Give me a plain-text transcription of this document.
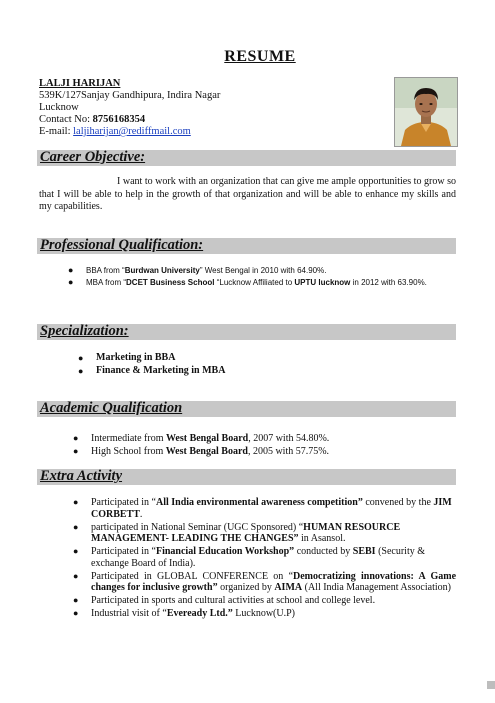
RESUME
LALJI HARIJAN
539K/127Sanjay Gandhipura, Indira Nagar
Lucknow
Contact No: 8756168354
E-mail: laljiharijan@rediffmail.com
Career Objective:
I want to work with an organization that can give me ample opportunities to grow so that I will be able to help in the growth of that organization and will be able to enhance my skills and my capabilities.
Professional Qualification:
● BBA from “Burdwan University” West Bengal in 2010 with 64.90%.
● MBA from “DCET Business School “Lucknow Affiliated to UPTU lucknow in 2012 with 63.90%.
Specialization:
● Marketing in BBA
● Finance & Marketing in MBA
Academic Qualification
● Intermediate from West Bengal Board, 2007 with 54.80%.
● High School from West Bengal Board, 2005 with 57.75%.
Extra Activity
● Participated in “All India environmental awareness competition” convened by the JIM CORBETT.
● participated in National Seminar (UGC Sponsored) “HUMAN RESOURCE MANAGEMENT- LEADING THE CHANGES” in Asansol.
● Participated in “Financial Education Workshop” conducted by SEBI (Security & exchange Board of India).
● Participated in GLOBAL CONFERENCE on “Democratizing innovations: A Game changes for inclusive growth” organized by AIMA (All India Management Association)
● Participated in sports and cultural activities at school and college level.
● Industrial visit of “Eveready Ltd.” Lucknow(U.P)
